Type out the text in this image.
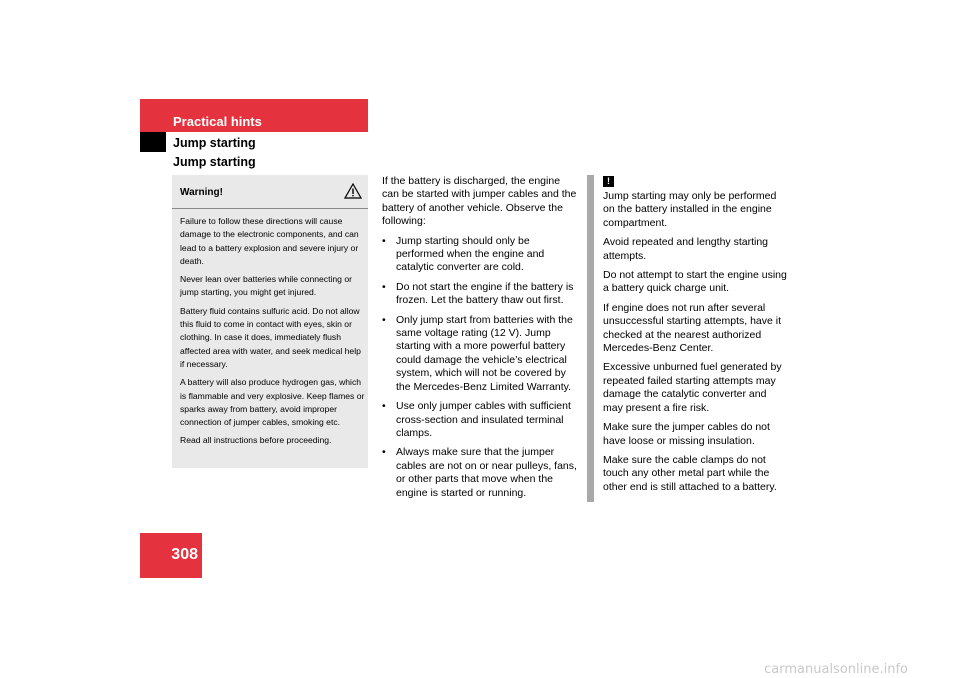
Practical hints
Jump starting
Jump starting
Warning!

Failure to follow these directions will cause damage to the electronic components, and can lead to a battery explosion and severe injury or death.

Never lean over batteries while connecting or jump starting, you might get injured.

Battery fluid contains sulfuric acid. Do not allow this fluid to come in contact with eyes, skin or clothing. In case it does, immediately flush affected area with water, and seek medical help if necessary.

A battery will also produce hydrogen gas, which is flammable and very explosive. Keep flames or sparks away from battery, avoid improper connection of jumper cables, smoking etc.

Read all instructions before proceeding.

If the battery is discharged, the engine can be started with jumper cables and the battery of another vehicle. Observe the following:

• Jump starting should only be performed when the engine and catalytic converter are cold.
• Do not start the engine if the battery is frozen. Let the battery thaw out first.
• Only jump start from batteries with the same voltage rating (12 V). Jump starting with a more powerful battery could damage the vehicle’s electrical system, which will not be covered by the Mercedes-Benz Limited Warranty.
• Use only jumper cables with sufficient cross-section and insulated terminal clamps.
• Always make sure that the jumper cables are not on or near pulleys, fans, or other parts that move when the engine is started or running.
!

Jump starting may only be performed on the battery installed in the engine compartment.

Avoid repeated and lengthy starting attempts.

Do not attempt to start the engine using a battery quick charge unit.

If engine does not run after several unsuccessful starting attempts, have it checked at the nearest authorized Mercedes-Benz Center.

Excessive unburned fuel generated by repeated failed starting attempts may damage the catalytic converter and may present a fire risk.

Make sure the jumper cables do not have loose or missing insulation.

Make sure the cable clamps do not touch any other metal part while the other end is still attached to a battery.

308
carmanualsonline.info
